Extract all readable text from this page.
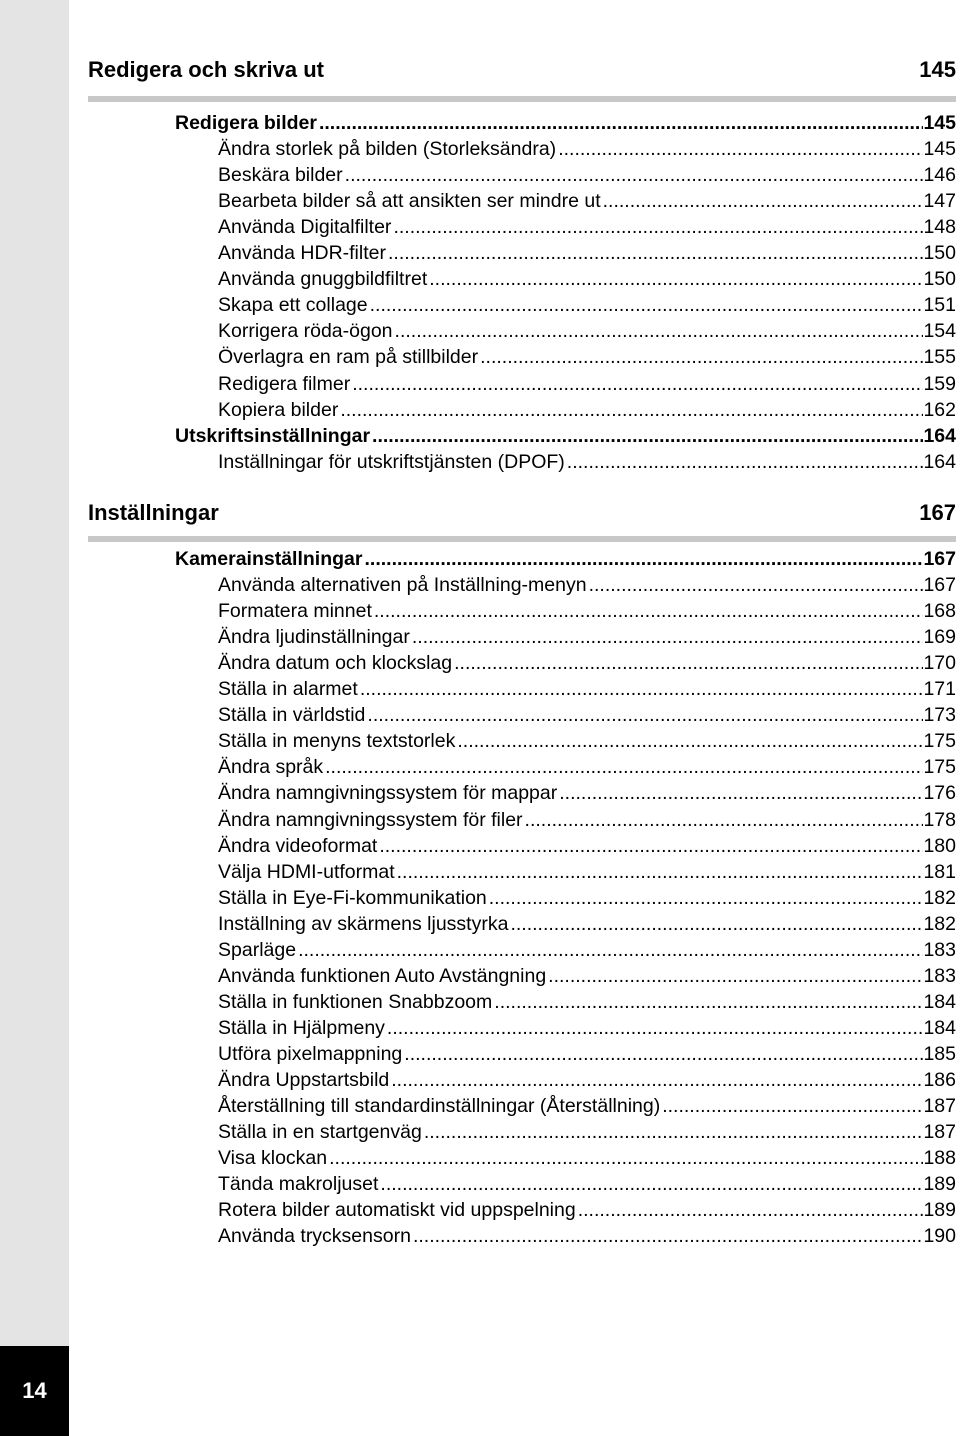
14
Redigera och skriva ut	145
Redigera bilder .....	145
Ändra storlek på bilden (Storleksändra) .....	145
Beskära bilder .....	146
Bearbeta bilder så att ansikten ser mindre ut .....	147
Använda Digitalfilter .....	148
Använda HDR-filter .....	150
Använda gnuggbildfiltret .....	150
Skapa ett collage .....	151
Korrigera röda-ögon .....	154
Överlagra en ram på stillbilder .....	155
Redigera filmer .....	159
Kopiera bilder .....	162
Utskriftsinställningar .....	164
Inställningar för utskriftstjänsten (DPOF) .....	164
Inställningar	167
Kamerainställningar .....	167
Använda alternativen på Inställning-menyn .....	167
Formatera minnet .....	168
Ändra ljudinställningar .....	169
Ändra datum och klockslag .....	170
Ställa in alarmet .....	171
Ställa in världstid .....	173
Ställa in menyns textstorlek .....	175
Ändra språk .....	175
Ändra namngivningssystem för mappar .....	176
Ändra namngivningssystem för filer .....	178
Ändra videoformat .....	180
Välja HDMI-utformat .....	181
Ställa in Eye-Fi-kommunikation .....	182
Inställning av skärmens ljusstyrka .....	182
Sparläge .....	183
Använda funktionen Auto Avstängning .....	183
Ställa in funktionen Snabbzoom .....	184
Ställa in Hjälpmeny .....	184
Utföra pixelmappning .....	185
Ändra Uppstartsbild .....	186
Återställning till standardinställningar (Återställning) .....	187
Ställa in en startgenväg .....	187
Visa klockan .....	188
Tända makroljuset .....	189
Rotera bilder automatiskt vid uppspelning .....	189
Använda trycksensorn .....	190
